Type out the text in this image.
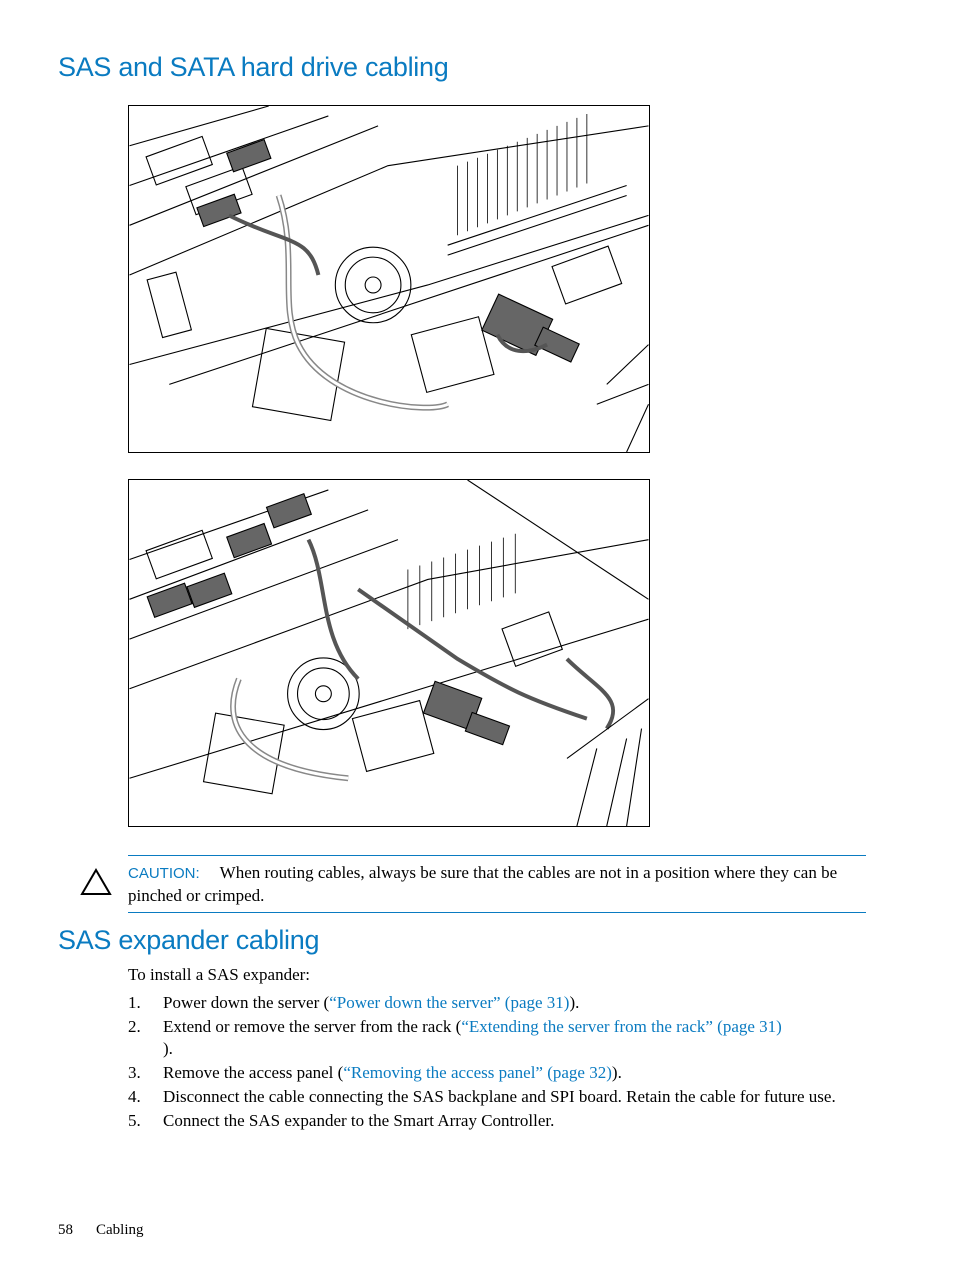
SAS and SATA hard drive cabling
CAUTION: When routing cables, always be sure that the cables are not in a position where they can be pinched or crimped.
SAS expander cabling
To install a SAS expander:
1. Power down the server (“Power down the server” (page 31)).
2. Extend or remove the server from the rack (“Extending the server from the rack” (page 31)
).
3. Remove the access panel (“Removing the access panel” (page 32)).
4. Disconnect the cable connecting the SAS backplane and SPI board. Retain the cable for future use.
5. Connect the SAS expander to the Smart Array Controller.
58 Cabling
